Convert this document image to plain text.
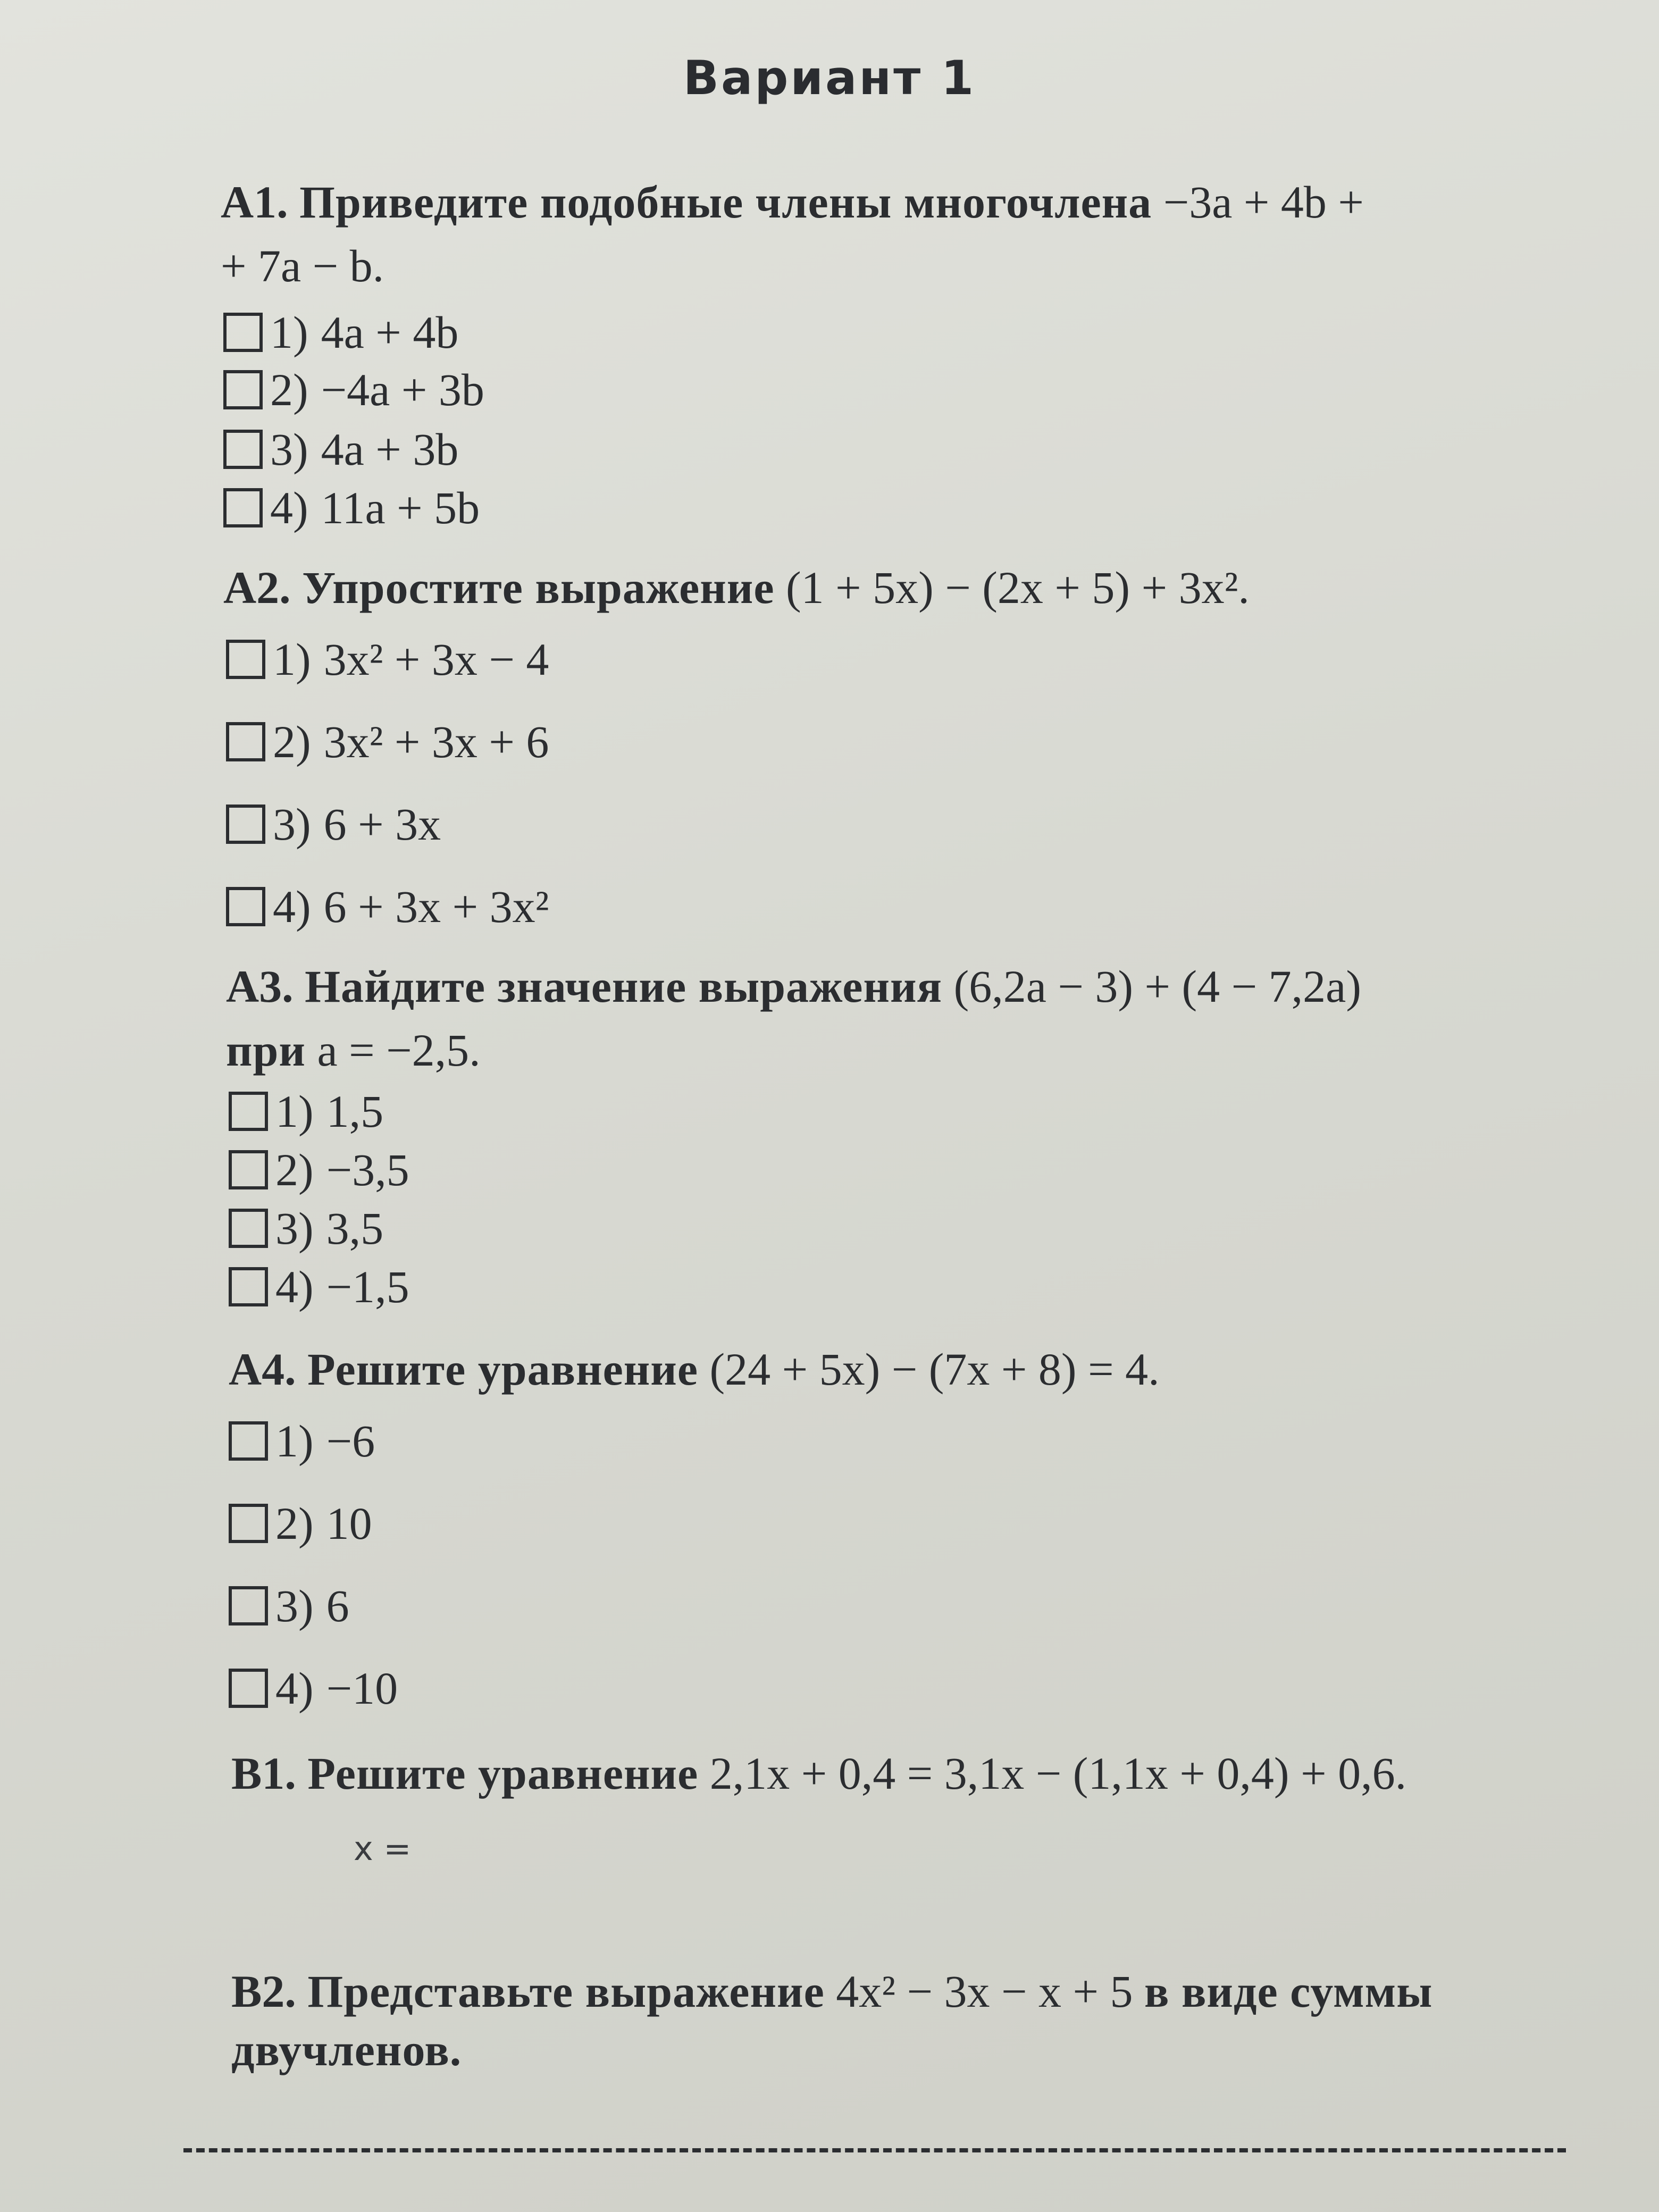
Вариант 1
А1. Приведите подобные члены многочлена −3a + 4b +
+ 7a − b.
1) 4a + 4b
2) −4a + 3b
3) 4a + 3b
4) 11a + 5b
А2. Упростите выражение (1 + 5x) − (2x + 5) + 3x².
1) 3x² + 3x − 4
2) 3x² + 3x + 6
3) 6 + 3x
4) 6 + 3x + 3x²
А3. Найдите значение выражения (6,2a − 3) + (4 − 7,2a)
при a = −2,5.
1) 1,5
2) −3,5
3) 3,5
4) −1,5
А4. Решите уравнение (24 + 5x) − (7x + 8) = 4.
1) −6
2) 10
3) 6
4) −10
В1. Решите уравнение 2,1x + 0,4 = 3,1x − (1,1x + 0,4) + 0,6.
x =
В2. Представьте выражение 4x² − 3x − x + 5 в виде суммы
двучленов.
